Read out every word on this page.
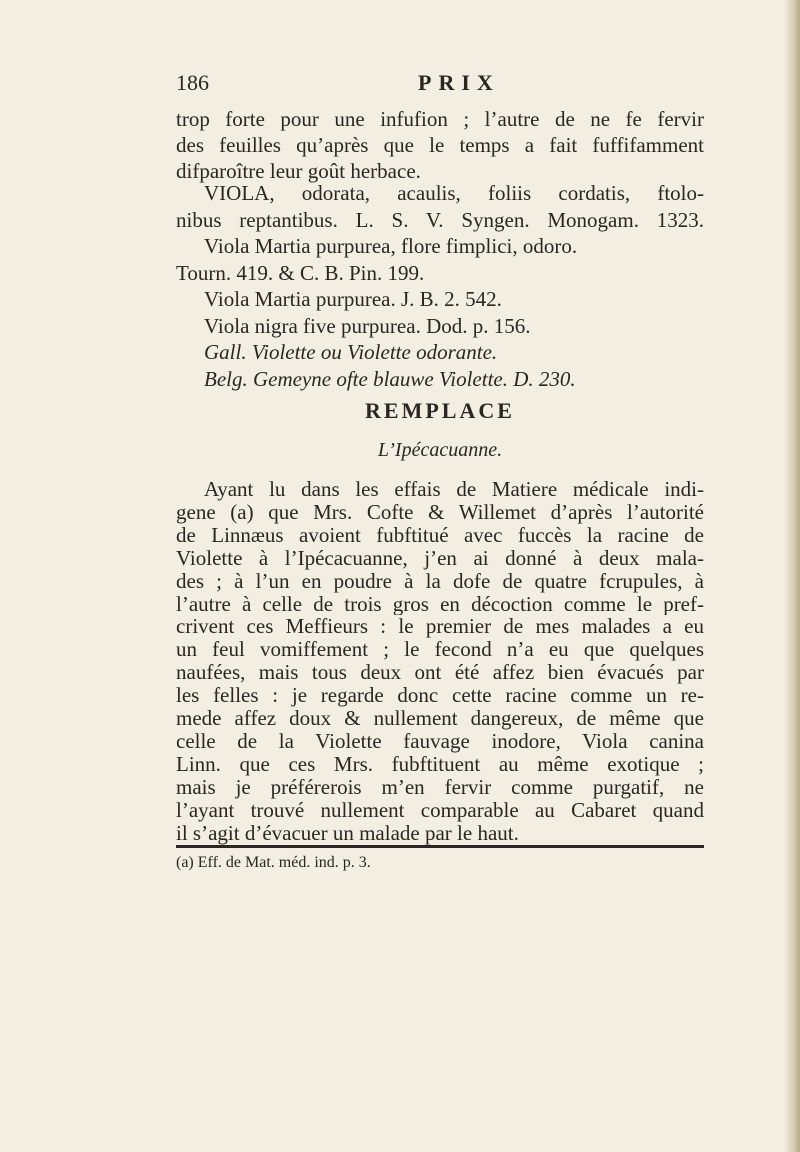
186	PRIX
trop forte pour une infufion ; l’autre de ne fe fervir
des feuilles qu’après que le temps a fait fuffifamment
difparoître leur goût herbace.
VIOLA, odorata, acaulis, foliis cordatis, ftolo-
nibus reptantibus. L. S. V. Syngen. Monogam. 1323.
Viola Martia purpurea, flore fimplici, odoro.
Tourn. 419. & C. B. Pin. 199.
Viola Martia purpurea. J. B. 2. 542.
Viola nigra five purpurea. Dod. p. 156.
Gall. Violette ou Violette odorante.
Belg. Gemeyne ofte blauwe Violette. D. 230.
REMPLACE
L’Ipécacuanne.
Ayant lu dans les effais de Matiere médicale indi-
gene (a) que Mrs. Cofte & Willemet d’après l’autorité
de Linnæus avoient fubftitué avec fuccès la racine de
Violette à l’Ipécacuanne, j’en ai donné à deux mala-
des ; à l’un en poudre à la dofe de quatre fcrupules, à
l’autre à celle de trois gros en décoction comme le pref-
crivent ces Meffieurs : le premier de mes malades a eu
un feul vomiffement ; le fecond n’a eu que quelques
naufées, mais tous deux ont été affez bien évacués par
les felles : je regarde donc cette racine comme un re-
mede affez doux & nullement dangereux, de même que
celle de la Violette fauvage inodore, Viola canina
Linn. que ces Mrs. fubftituent au même exotique ;
mais je préférerois m’en fervir comme purgatif, ne
l’ayant trouvé nullement comparable au Cabaret quand
il s’agit d’évacuer un malade par le haut.
(a) Eff. de Mat. méd. ind. p. 3.
